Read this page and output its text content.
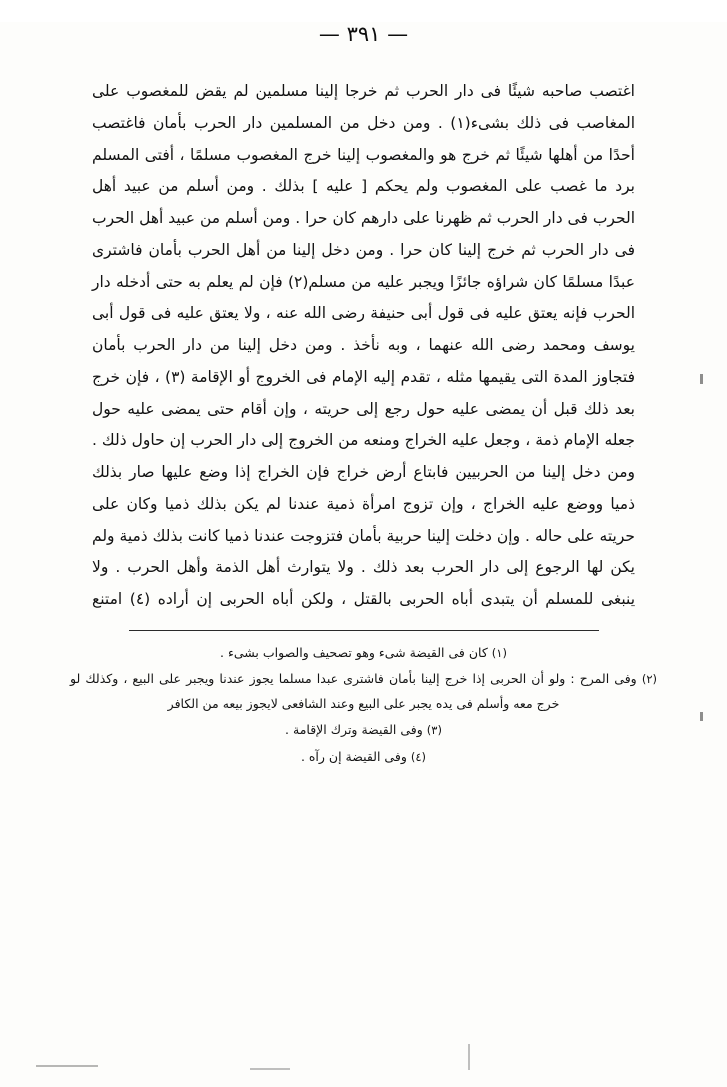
— ٣٩١ —

اغتصب صاحبه شيئًا فى دار الحرب ثم خرجا إلينا مسلمين لم يقض للمغصوب على المغاصب فى ذلك بشىء(١) . ومن دخل من المسلمين دار الحرب بأمان فاغتصب أحدًا من أهلها شيئًا ثم خرج هو والمغصوب إلينا خرج المغصوب مسلمًا ، أفتى المسلم برد ما غصب على المغصوب ولم يحكم [ عليه ] بذلك . ومن أسلم من عبيد أهل الحرب فى دار الحرب ثم ظهرنا على دارهم كان حرا . ومن أسلم من عبيد أهل الحرب فى دار الحرب ثم خرج إلينا كان حرا . ومن دخل إلينا من أهل الحرب بأمان فاشترى عبدًا مسلمًا كان شراؤه جائزًا ويجبر عليه من مسلم(٢) فإن لم يعلم به حتى أدخله دار الحرب فإنه يعتق عليه فى قول أبى حنيفة رضى الله عنه ، ولا يعتق عليه فى قول أبى يوسف ومحمد رضى الله عنهما ، وبه نأخذ . ومن دخل إلينا من دار الحرب بأمان فتجاوز المدة التى يقيمها مثله ، تقدم إليه الإمام فى الخروج أو الإقامة (٣) ، فإن خرج بعد ذلك قبل أن يمضى عليه حول رجع إلى حريته ، وإن أقام حتى يمضى عليه حول جعله الإمام ذمة ، وجعل عليه الخراج ومنعه من الخروج إلى دار الحرب إن حاول ذلك . ومن دخل إلينا من الحربيين فابتاع أرض خراج فإن الخراج إذا وضع عليها صار بذلك ذميا ووضع عليه الخراج ، وإن تزوج امرأة ذمية عندنا لم يكن بذلك ذميا وكان على حريته على حاله . وإن دخلت إلينا حربية بأمان فتزوجت عندنا ذميا كانت بذلك ذمية ولم يكن لها الرجوع إلى دار الحرب بعد ذلك . ولا يتوارث أهل الذمة وأهل الحرب . ولا ينبغى للمسلم أن يتبدى أباه الحربى بالقتل ، ولكن أباه الحربى إن أراده (٤) امتنع

(١) كان فى القيضة شىء وهو تصحيف والصواب بشىء .

(٢) وفى المرح : ولو أن الحربى إذا خرج إلينا بأمان فاشترى عبدا مسلما يجوز عندنا ويجبر على البيع ، وكذلك لو خرج معه وأسلم فى يده يجبر على البيع وعند الشافعى لايجوز بيعه من الكافر

(٣) وفى القيضة وترك الإقامة .

(٤) وفى القيضة إن رآه .
